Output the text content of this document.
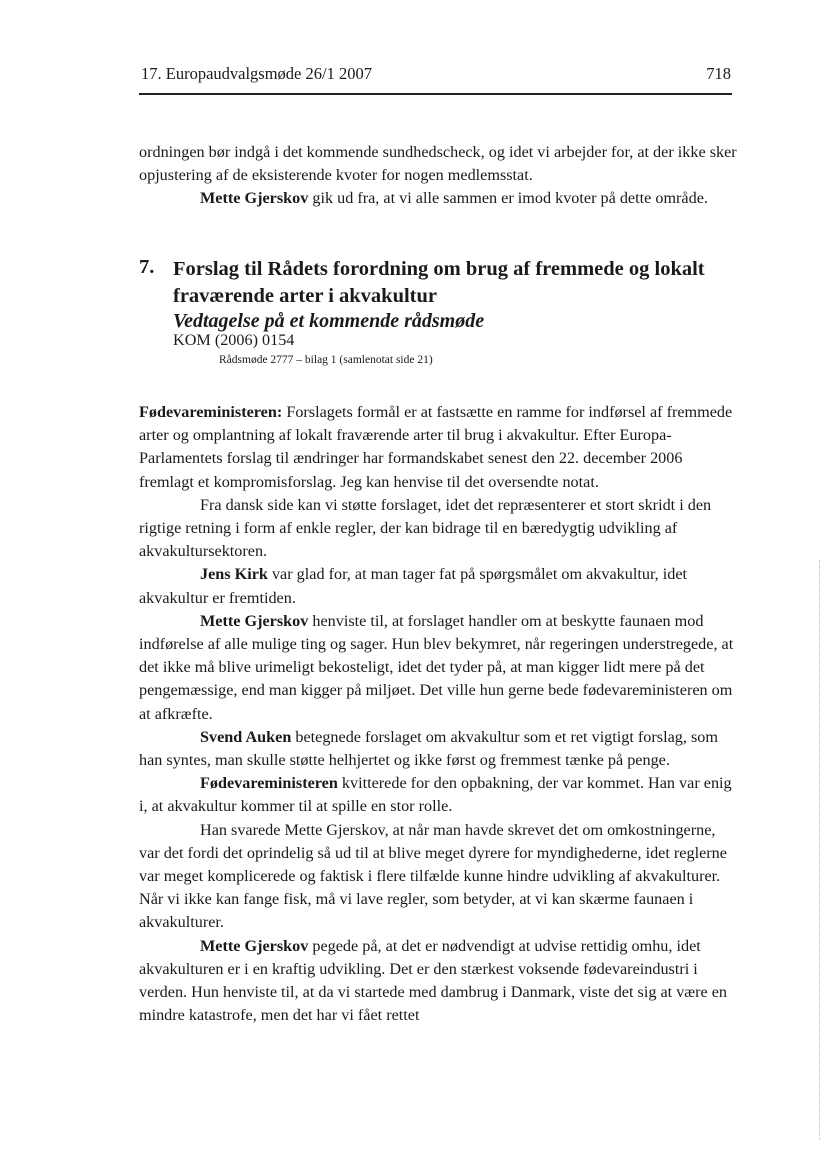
17. Europaudvalgsmøde 26/1 2007	718

ordningen bør indgå i det kommende sundhedscheck, og idet vi arbejder for, at der ikke sker opjustering af de eksisterende kvoter for nogen medlemsstat.

Mette Gjerskov gik ud fra, at vi alle sammen er imod kvoter på dette område.

7. Forslag til Rådets forordning om brug af fremmede og lokalt fraværende arter i akvakultur
Vedtagelse på et kommende rådsmøde
KOM (2006) 0154
Rådsmøde 2777 – bilag 1 (samlenotat side 21)

Fødevareministeren: Forslagets formål er at fastsætte en ramme for indførsel af fremmede arter og omplantning af lokalt fraværende arter til brug i akvakultur. Efter Europa-Parlamentets forslag til ændringer har formandskabet senest den 22. december 2006 fremlagt et kompromisforslag. Jeg kan henvise til det oversendte notat.

Fra dansk side kan vi støtte forslaget, idet det repræsenterer et stort skridt i den rigtige retning i form af enkle regler, der kan bidrage til en bæredygtig udvikling af akvakultursektoren.

Jens Kirk var glad for, at man tager fat på spørgsmålet om akvakultur, idet akvakultur er fremtiden.

Mette Gjerskov henviste til, at forslaget handler om at beskytte faunaen mod indførelse af alle mulige ting og sager. Hun blev bekymret, når regeringen understregede, at det ikke må blive urimeligt bekosteligt, idet det tyder på, at man kigger lidt mere på det pengemæssige, end man kigger på miljøet. Det ville hun gerne bede fødevareministeren om at afkræfte.

Svend Auken betegnede forslaget om akvakultur som et ret vigtigt forslag, som han syntes, man skulle støtte helhjertet og ikke først og fremmest tænke på penge.

Fødevareministeren kvitterede for den opbakning, der var kommet. Han var enig i, at akvakultur kommer til at spille en stor rolle.

Han svarede Mette Gjerskov, at når man havde skrevet det om omkostningerne, var det fordi det oprindelig så ud til at blive meget dyrere for myndighederne, idet reglerne var meget komplicerede og faktisk i flere tilfælde kunne hindre udvikling af akvakulturer. Når vi ikke kan fange fisk, må vi lave regler, som betyder, at vi kan skærme faunaen i akvakulturer.

Mette Gjerskov pegede på, at det er nødvendigt at udvise rettidig omhu, idet akvakulturen er i en kraftig udvikling. Det er den stærkest voksende fødevareindustri i verden. Hun henviste til, at da vi startede med dambrug i Danmark, viste det sig at være en mindre katastrofe, men det har vi fået rettet
